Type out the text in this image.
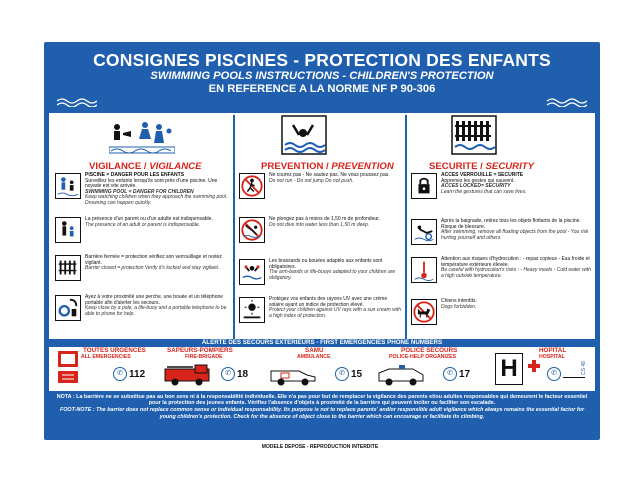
CONSIGNES PISCINES - PROTECTION DES ENFANTS
SWIMMING POOLS INSTRUCTIONS - CHILDREN'S PROTECTION
EN REFERENCE A LA NORME NF P 90-306
VIGILANCE / VIGILANCE	PREVENTION / PREVENTION	SECURITE / SECURITY
PISCINE = DANGER POUR LES ENFANTS
Surveillez les enfants lorsqu'ils sont près d'une piscine. Une noyade est vite arrivée.
SWIMMING POOL = DANGER FOR CHILDREN
Keep watching children when they approach the swimming pool. Drowning can happen quickly.
La présence d'un parent ou d'un adulte est indispensable.
The presence of an adult or parent is indispensable.
Barrière fermée = protection vérifiez son verrouillage et restez vigilant.
Barrier closed = protection Verify it's locked and stay vigilant.
Ayez à votre proximité une perche, une bouée et un téléphone portable afin d'alerter les secours.
Keep close by a pole, a life-buoy and a portable telephone to be able to phone for help.
Ne courez pas - Ne sautez pas. Ne vous poussez pas.
Do not run - Do not jump Do not push.
Ne plongez pas à moins de 1,50 m de profondeur.
Do not dive into water less than 1,50 m deep.
Les brassards ou bouées adaptés aux enfants sont obligatoires.
The arm-bands or life-buoys adapted to your children are obligatory.
Protégez vos enfants des rayons UV avec une crème solaire ayant un indice de protection élevé.
Protect your children against UV rays with a sun cream with a high index of protection.
ACCES VERROUILLE = SECURITE
Apprenez les gestes qui sauvent.
ACCES LOCKED= SECURITY
Learn the gestures that can save lives.
Après la baignade, retirez tous les objets flottants de la piscine. Risque de blessure.
After swimming, remove all floating objects from the pool - You risk hurting yourself and others.
Attention aux risques d'hydrocution : - repas copieux - Eau froide et température extérieure élevée.
Be careful with hydrocution's risks : - Heavy meals - Cold water with a high outside temperature.
Chiens interdits.
Dogs forbidden.
ALERTE DES SECOURS EXTERIEURS - FIRST EMERGENCIES PHONE NUMBERS
TOUTES URGENCES
ALL EMERGENCIES
✆ 112
SAPEURS-POMPIERS
FIRE-BRIGADE
✆ 18
SAMU
AMBULANCE
✆ 15
POLICE SECOURS
POLICE-HELP ORGANIZES
✆ 17
HOPITAL
HOSPITAL
H	✆	CS 48
NOTA : La barrière ne se substitue pas au bon sens ni à la responsabilité individuelle. Elle n'a pas pour but de remplacer la vigilance des parents et/ou adultes responsables qui demeurent le facteur essentiel pour la protection des jeunes enfants. Vérifiez l'absence d'objets à proximité de la barrière qui peuvent inciter ou faciliter son escalade.
FOOT-NOTE : The barrier does not replace common sense or individual responsability. Its purpose is not to replace parents' and/or responsible adult vigilance which always remains the essential factor for young children's protection. Check for the absence of object close to the barrier which can encourage or facilitate its climbing.
MODELE DEPOSE - REPRODUCTION INTERDITE
